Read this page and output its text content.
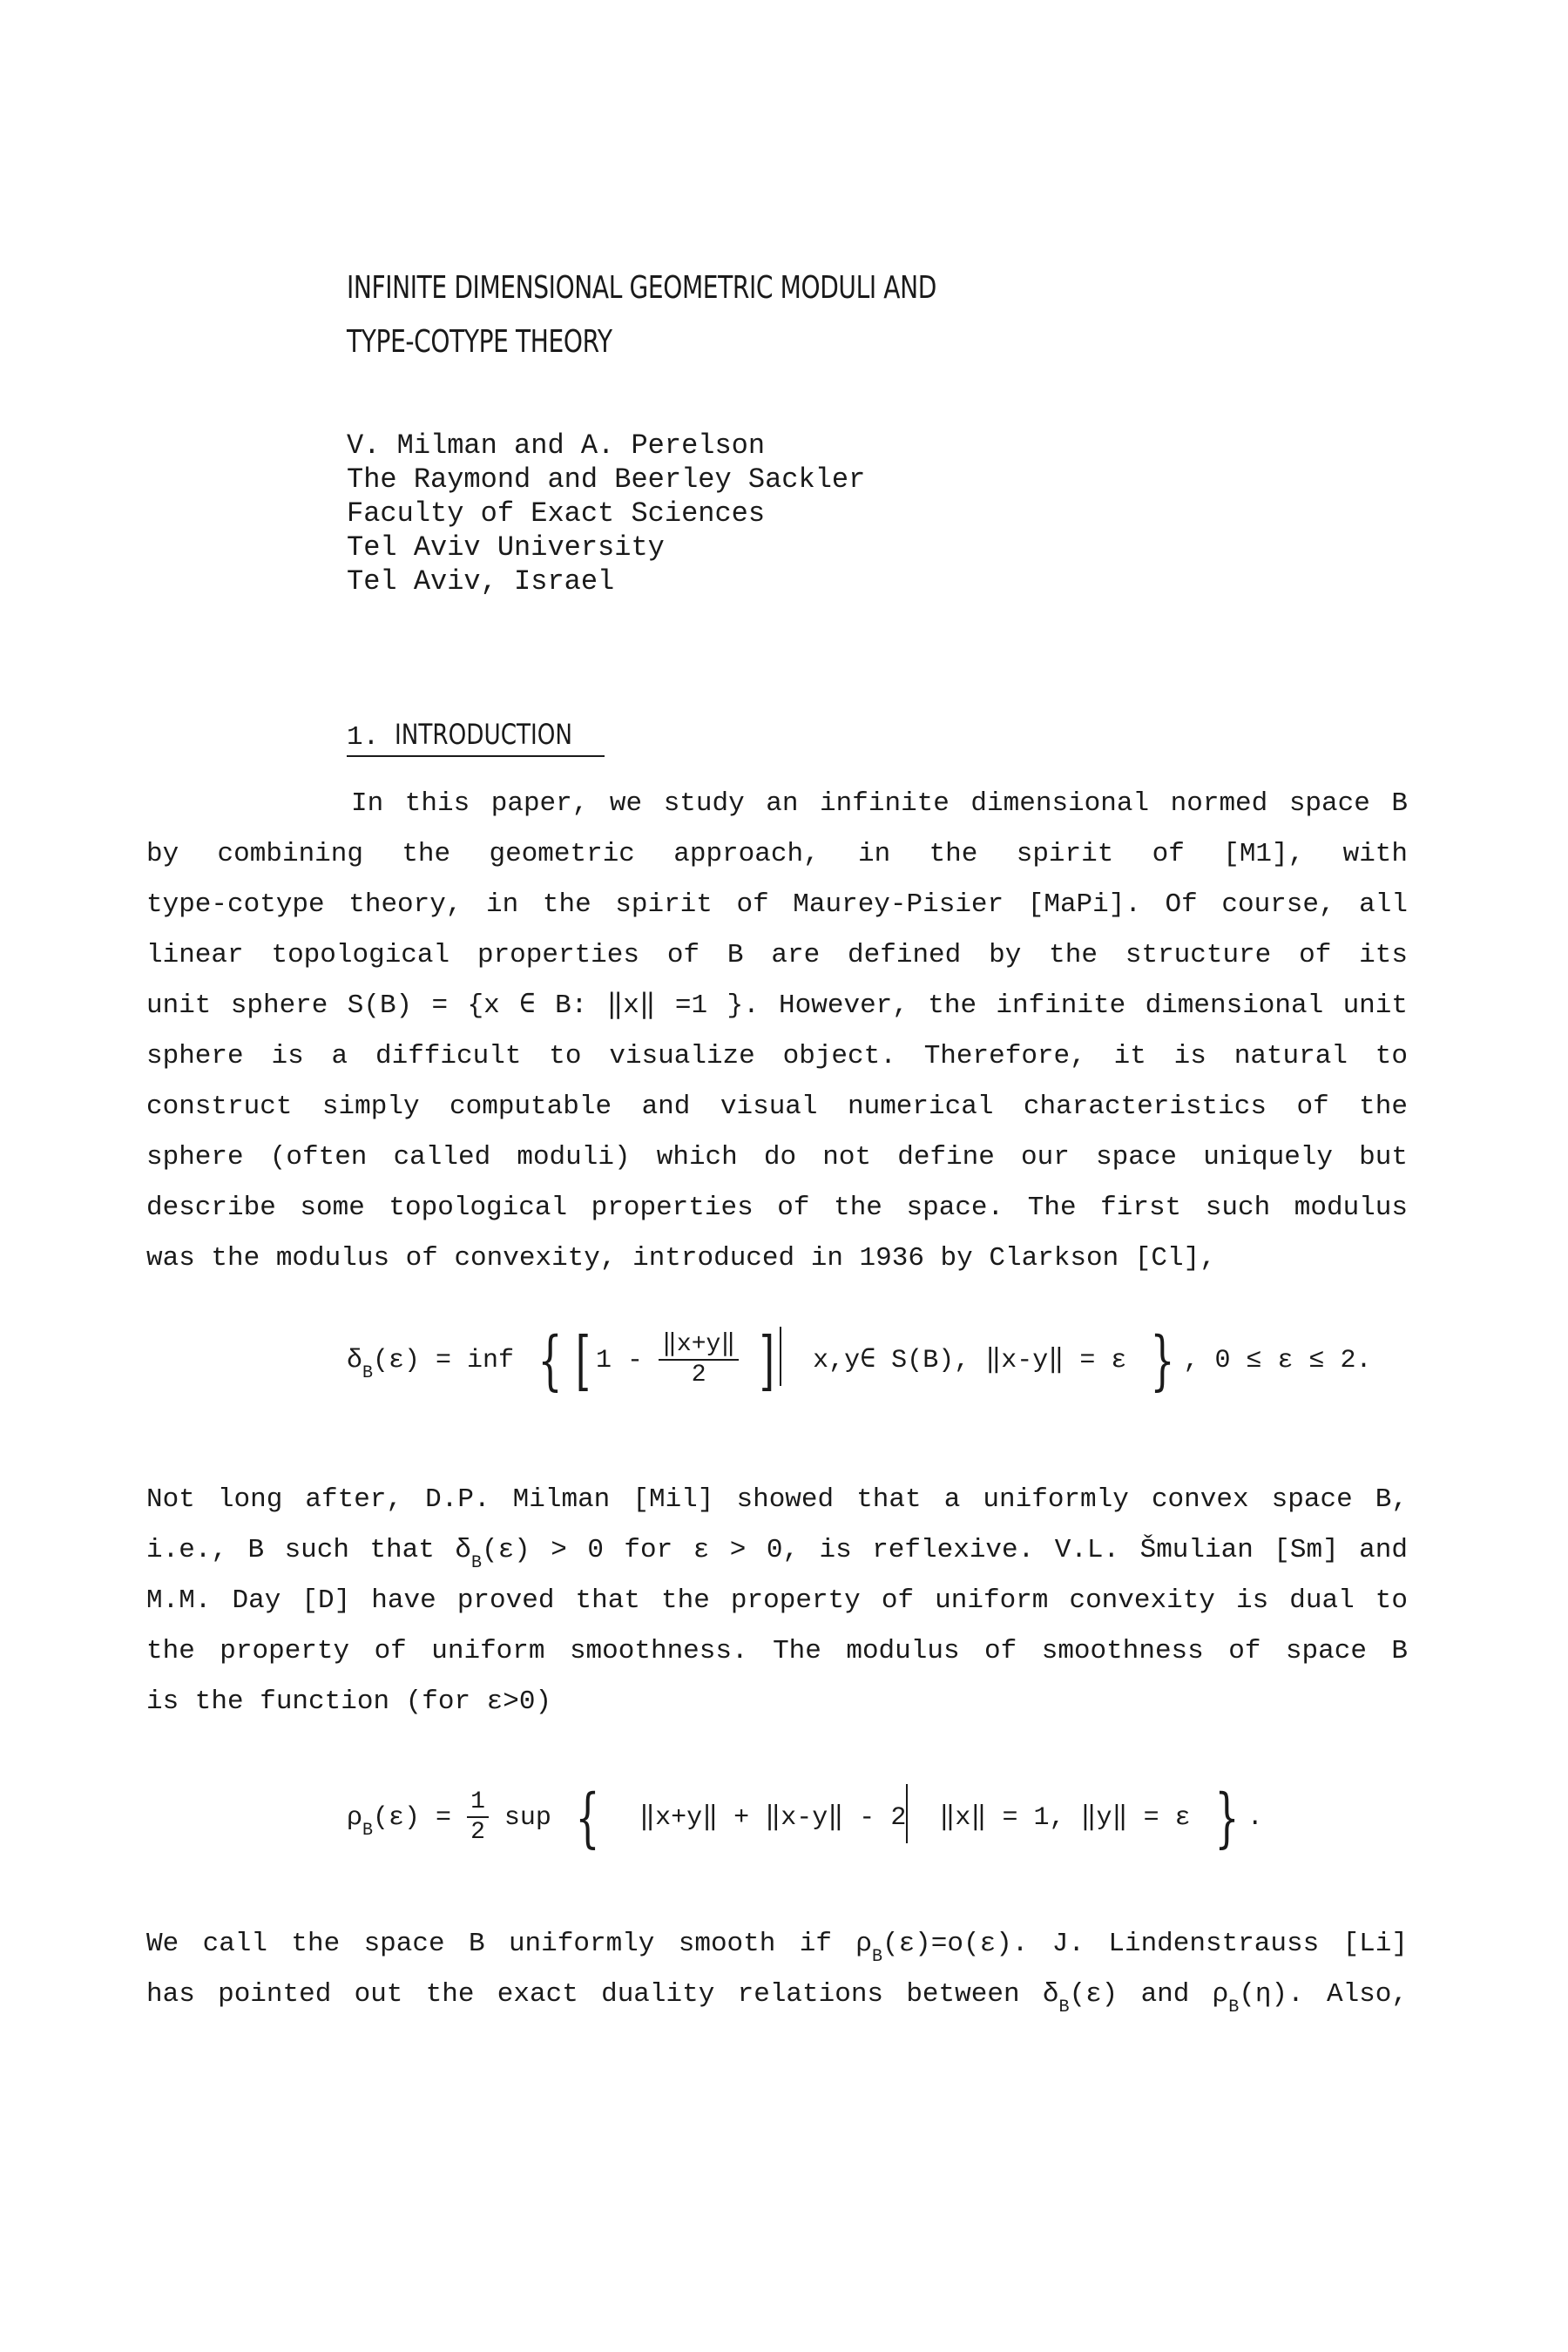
INFINITE DIMENSIONAL GEOMETRIC MODULI AND
TYPE-COTYPE THEORY
V. Milman and A. Perelson
The Raymond and Beerley Sackler
Faculty of Exact Sciences
Tel Aviv University
Tel Aviv, Israel
1. INTRODUCTION
In this paper, we study an infinite dimensional normed space B
by combining the geometric approach, in the spirit of [M1], with
type-cotype theory, in the spirit of Maurey-Pisier [MaPi]. Of course, all
linear topological properties of B are defined by the structure of its
unit sphere S(B) = {x ∈ B: ‖x‖ =1 }. However, the infinite dimensional unit
sphere is a difficult to visualize object. Therefore, it is natural to
construct simply computable and visual numerical characteristics of the
sphere (often called moduli) which do not define our space uniquely but
describe some topological properties of the space. The first such modulus
was the modulus of convexity, introduced in 1936 by Clarkson [Cl],
$\delta_B(\varepsilon)$ = inf { [ $1 - \frac{‖x+y‖}{2}$ ] x,y∈ S(B), ‖x-y‖ = ε } , 0 ≤ ε ≤ 2.
Not long after, D.P. Milman [Mil] showed that a uniformly convex space B,
i.e., B such that $\delta_B(\varepsilon) > 0$ for ε > 0, is reflexive. V.L. Šmulian [Sm] and
M.M. Day [D] have proved that the property of uniform convexity is dual to
the property of uniform smoothness. The modulus of smoothness of space B
is the function (for ε>0)
$\rho_B(\varepsilon) = \frac{1}{2}$ sup { ‖x+y‖ + ‖x-y‖ - 2 ‖x‖ = 1, ‖y‖ = ε } .
We call the space B uniformly smooth if $\rho_B(\varepsilon)=o(\varepsilon)$. J. Lindenstrauss [Li]
has pointed out the exact duality relations between $\delta_B(\varepsilon)$ and $\rho_B(\eta)$. Also,
